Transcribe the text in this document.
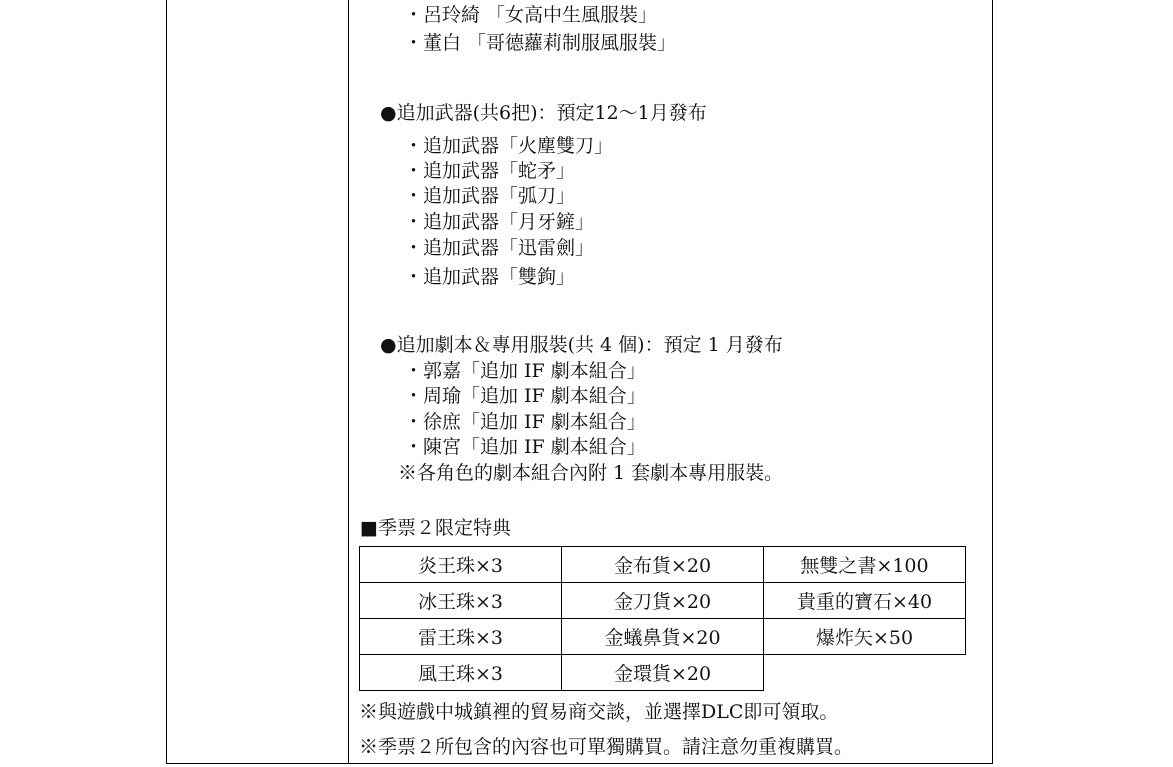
・呂玲綺 「女高中生風服裝」
・董白 「哥德蘿莉制服風服裝」
●追加武器(共6把)：預定12～1月發布
・追加武器「火塵雙刀」
・追加武器「蛇矛」
・追加武器「弧刀」
・追加武器「月牙鏟」
・追加武器「迅雷劍」
・追加武器「雙鉤」
●追加劇本＆專用服裝(共 4 個)：預定 1 月發布
・郭嘉「追加 IF 劇本組合」
・周瑜「追加 IF 劇本組合」
・徐庶「追加 IF 劇本組合」
・陳宮「追加 IF 劇本組合」
※各角色的劇本組合內附 1 套劇本專用服裝。
■季票２限定特典
炎王珠×3	金布貨×20	無雙之書×100
冰王珠×3	金刀貨×20	貴重的寶石×40
雷王珠×3	金蟻鼻貨×20	爆炸矢×50
風王珠×3	金環貨×20	
※與遊戲中城鎮裡的貿易商交談，並選擇DLC即可領取。
※季票２所包含的內容也可單獨購買。請注意勿重複購買。
